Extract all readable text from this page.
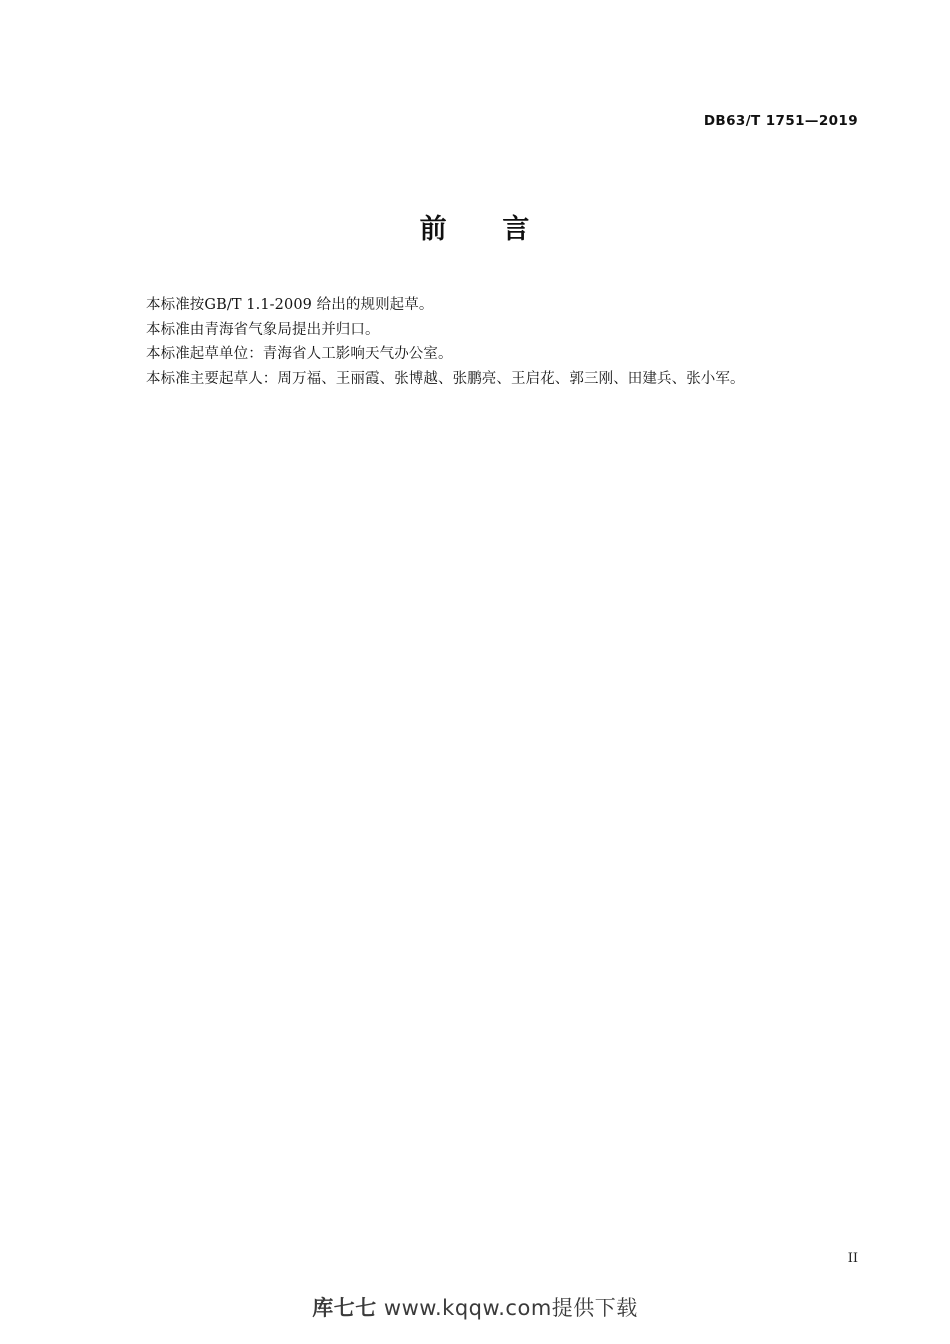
DB63/T 1751—2019
前 言
本标准按GB/T 1.1-2009 给出的规则起草。
本标准由青海省气象局提出并归口。
本标准起草单位：青海省人工影响天气办公室。
本标准主要起草人：周万福、王丽霞、张博越、张鹏亮、王启花、郭三刚、田建兵、张小军。
II
库七七 www.kqqw.com提供下载
